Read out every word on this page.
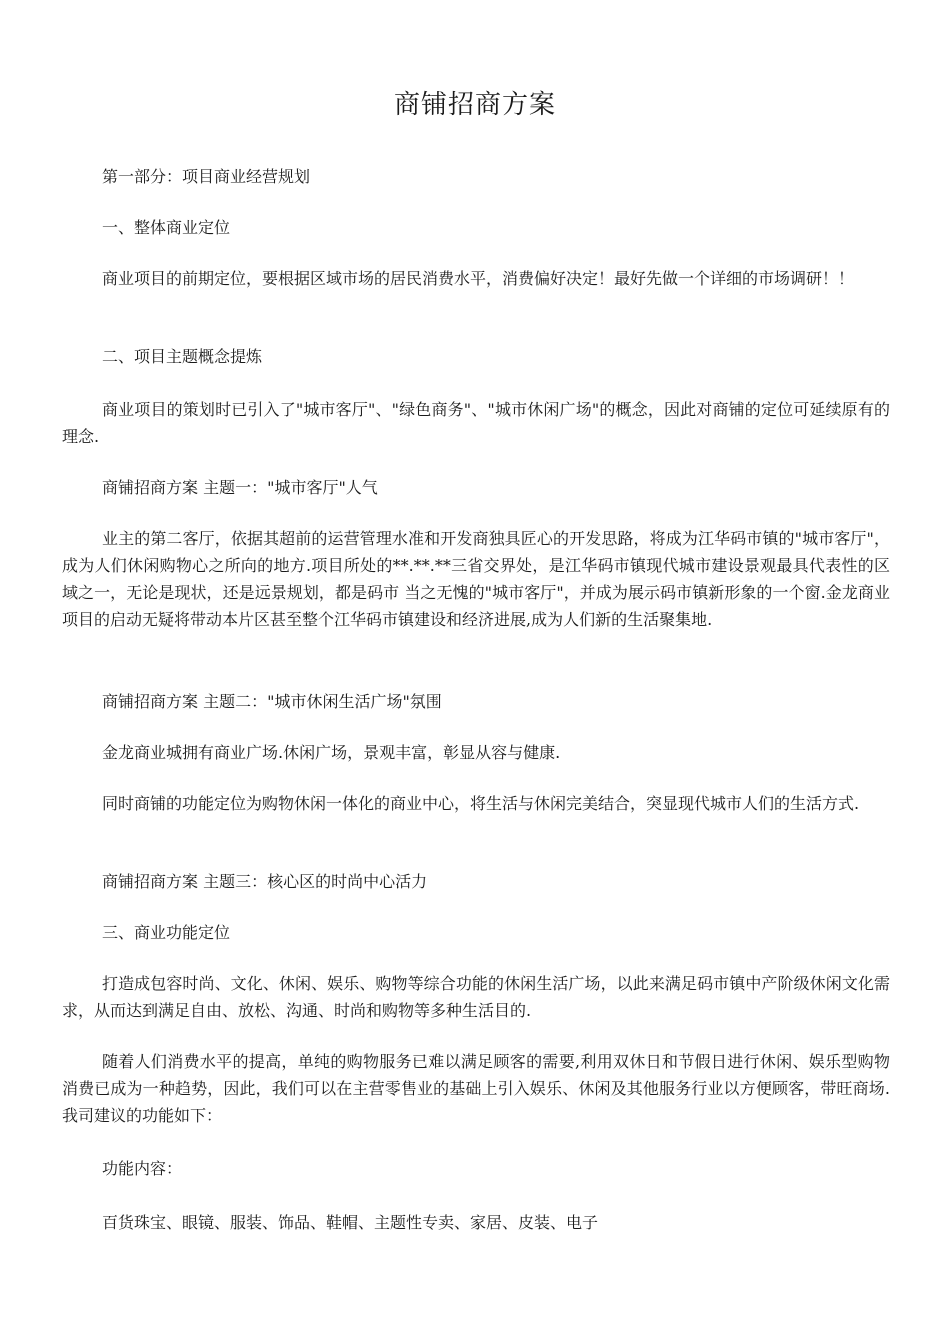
商铺招商方案

第一部分：项目商业经营规划

一、整体商业定位

商业项目的前期定位，要根据区域市场的居民消费水平，消费偏好决定！最好先做一个详细的市场调研！！

二、项目主题概念提炼

商业项目的策划时已引入了"城市客厅"、"绿色商务"、"城市休闲广场"的概念，因此对商铺的定位可延续原有的理念.

商铺招商方案 主题一："城市客厅"人气

业主的第二客厅，依据其超前的运营管理水准和开发商独具匠心的开发思路，将成为江华码市镇的"城市客厅"，成为人们休闲购物心之所向的地方.项目所处的**.**.**三省交界处，是江华码市镇现代城市建设景观最具代表性的区域之一，无论是现状，还是远景规划，都是码市 当之无愧的"城市客厅"，并成为展示码市镇新形象的一个窗.金龙商业项目的启动无疑将带动本片区甚至整个江华码市镇建设和经济进展,成为人们新的生活聚集地.

商铺招商方案 主题二："城市休闲生活广场"氛围

金龙商业城拥有商业广场.休闲广场，景观丰富，彰显从容与健康.

同时商铺的功能定位为购物休闲一体化的商业中心，将生活与休闲完美结合，突显现代城市人们的生活方式.

商铺招商方案 主题三：核心区的时尚中心活力

三、商业功能定位

打造成包容时尚、文化、休闲、娱乐、购物等综合功能的休闲生活广场，以此来满足码市镇中产阶级休闲文化需求，从而达到满足自由、放松、沟通、时尚和购物等多种生活目的.

随着人们消费水平的提高，单纯的购物服务已难以满足顾客的需要,利用双休日和节假日进行休闲、娱乐型购物消费已成为一种趋势，因此，我们可以在主营零售业的基础上引入娱乐、休闲及其他服务行业以方便顾客，带旺商场.我司建议的功能如下：

功能内容：

百货珠宝、眼镜、服装、饰品、鞋帽、主题性专卖、家居、皮装、电子
